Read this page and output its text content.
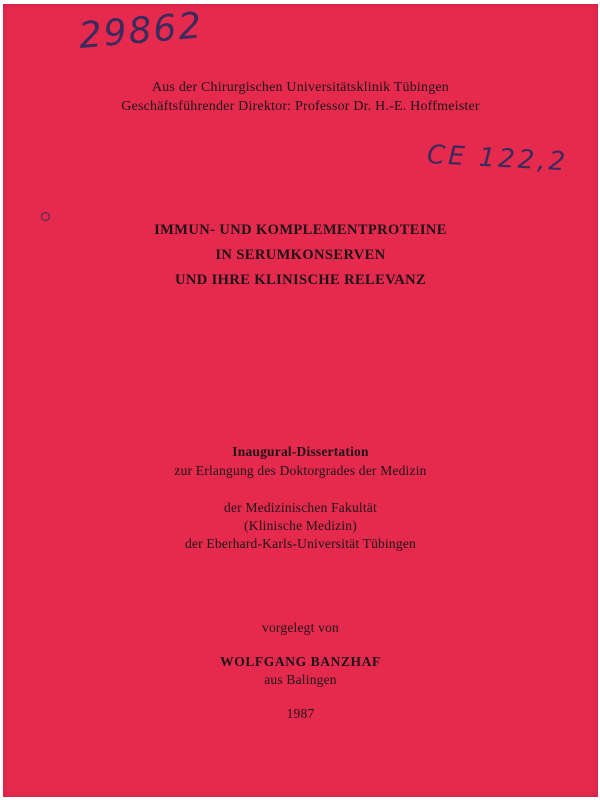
29862
CE 122,2
Aus der Chirurgischen Universitätsklinik Tübingen
Geschäftsführender Direktor: Professor Dr. H.-E. Hoffmeister
IMMUN- UND KOMPLEMENTPROTEINE
IN SERUMKONSERVEN
UND IHRE KLINISCHE RELEVANZ
Inaugural-Dissertation
zur Erlangung des Doktorgrades der Medizin
der Medizinischen Fakultät
(Klinische Medizin)
der Eberhard-Karls-Universität Tübingen
vorgelegt von
WOLFGANG BANZHAF
aus Balingen
1987
